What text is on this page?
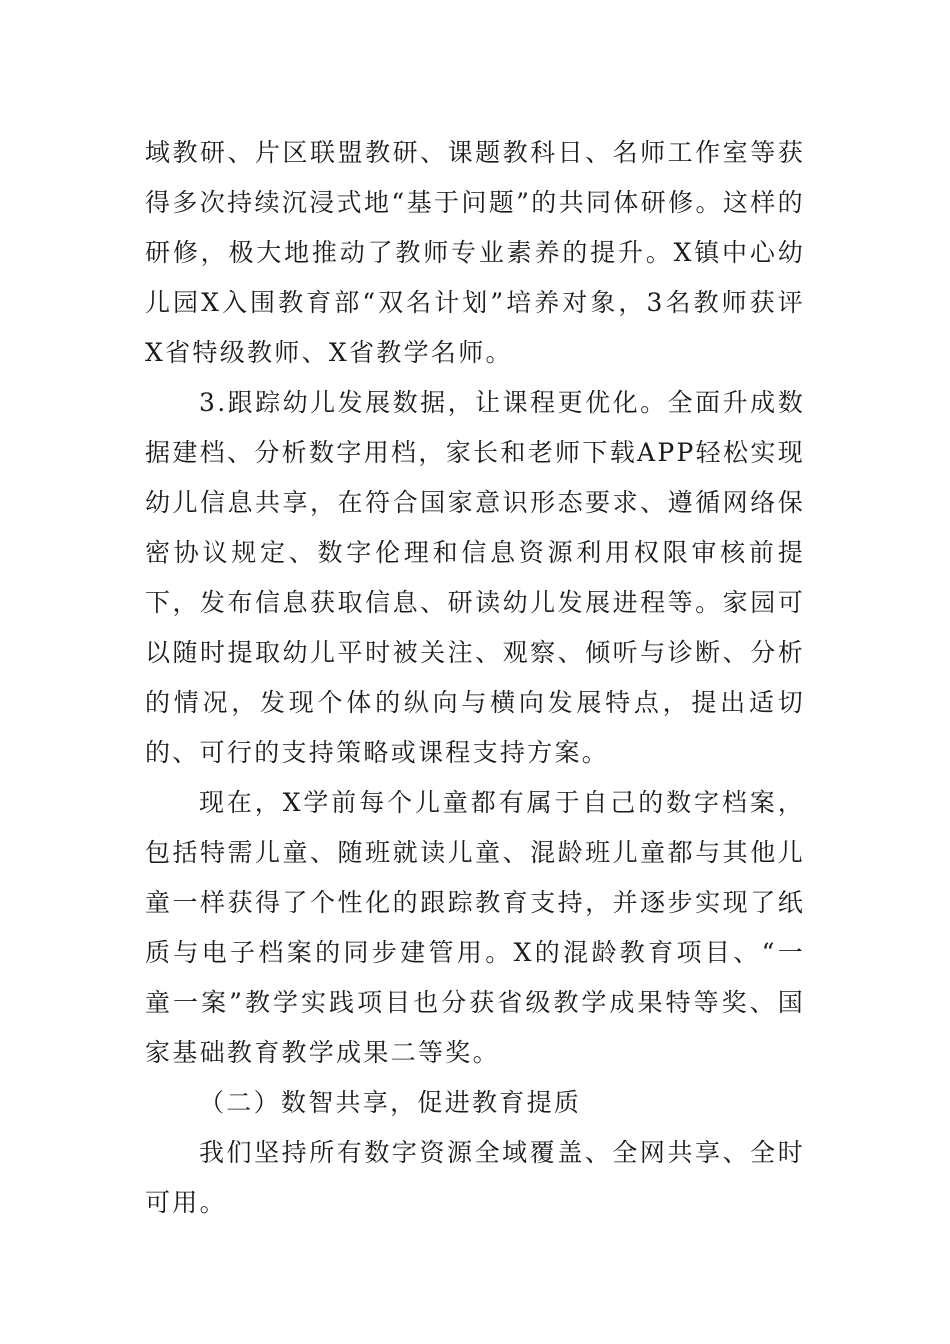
域教研、片区联盟教研、课题教科日、名师工作室等获得多次持续沉浸式地“基于问题”的共同体研修。这样的研修，极大地推动了教师专业素养的提升。X镇中心幼儿园X入围教育部“双名计划”培养对象，3名教师获评X省特级教师、X省教学名师。

3.跟踪幼儿发展数据，让课程更优化。全面升成数据建档、分析数字用档，家长和老师下载APP轻松实现幼儿信息共享，在符合国家意识形态要求、遵循网络保密协议规定、数字伦理和信息资源利用权限审核前提下，发布信息获取信息、研读幼儿发展进程等。家园可以随时提取幼儿平时被关注、观察、倾听与诊断、分析的情况，发现个体的纵向与横向发展特点，提出适切的、可行的支持策略或课程支持方案。

现在，X学前每个儿童都有属于自己的数字档案，包括特需儿童、随班就读儿童、混龄班儿童都与其他儿童一样获得了个性化的跟踪教育支持，并逐步实现了纸质与电子档案的同步建管用。X的混龄教育项目、“一童一案”教学实践项目也分获省级教学成果特等奖、国家基础教育教学成果二等奖。

（二）数智共享，促进教育提质

我们坚持所有数字资源全域覆盖、全网共享、全时可用。
